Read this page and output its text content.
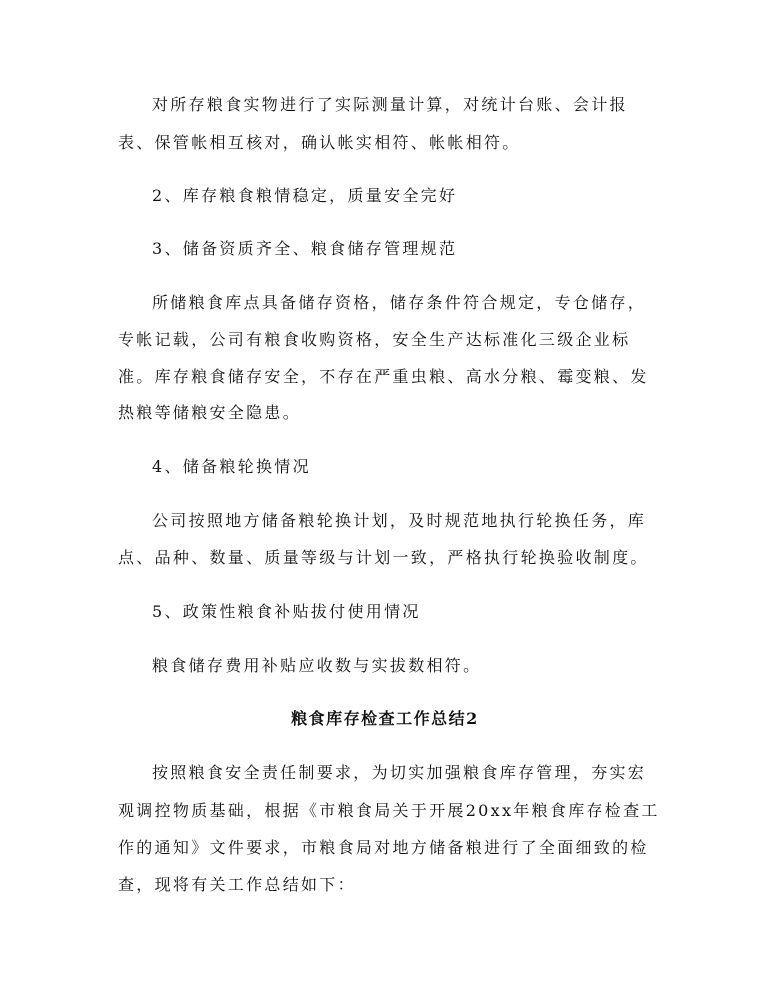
对所存粮食实物进行了实际测量计算，对统计台账、会计报
表、保管帐相互核对，确认帐实相符、帐帐相符。
2、库存粮食粮情稳定，质量安全完好
3、储备资质齐全、粮食储存管理规范
所储粮食库点具备储存资格，储存条件符合规定，专仓储存，
专帐记载，公司有粮食收购资格，安全生产达标准化三级企业标
准。库存粮食储存安全，不存在严重虫粮、高水分粮、霉变粮、发
热粮等储粮安全隐患。
4、储备粮轮换情况
公司按照地方储备粮轮换计划，及时规范地执行轮换任务，库
点、品种、数量、质量等级与计划一致，严格执行轮换验收制度。
5、政策性粮食补贴拔付使用情况
粮食储存费用补贴应收数与实拔数相符。
粮食库存检查工作总结2
按照粮食安全责任制要求，为切实加强粮食库存管理，夯实宏
观调控物质基础，根据《市粮食局关于开展20xx年粮食库存检查工
作的通知》文件要求，市粮食局对地方储备粮进行了全面细致的检
查，现将有关工作总结如下：
